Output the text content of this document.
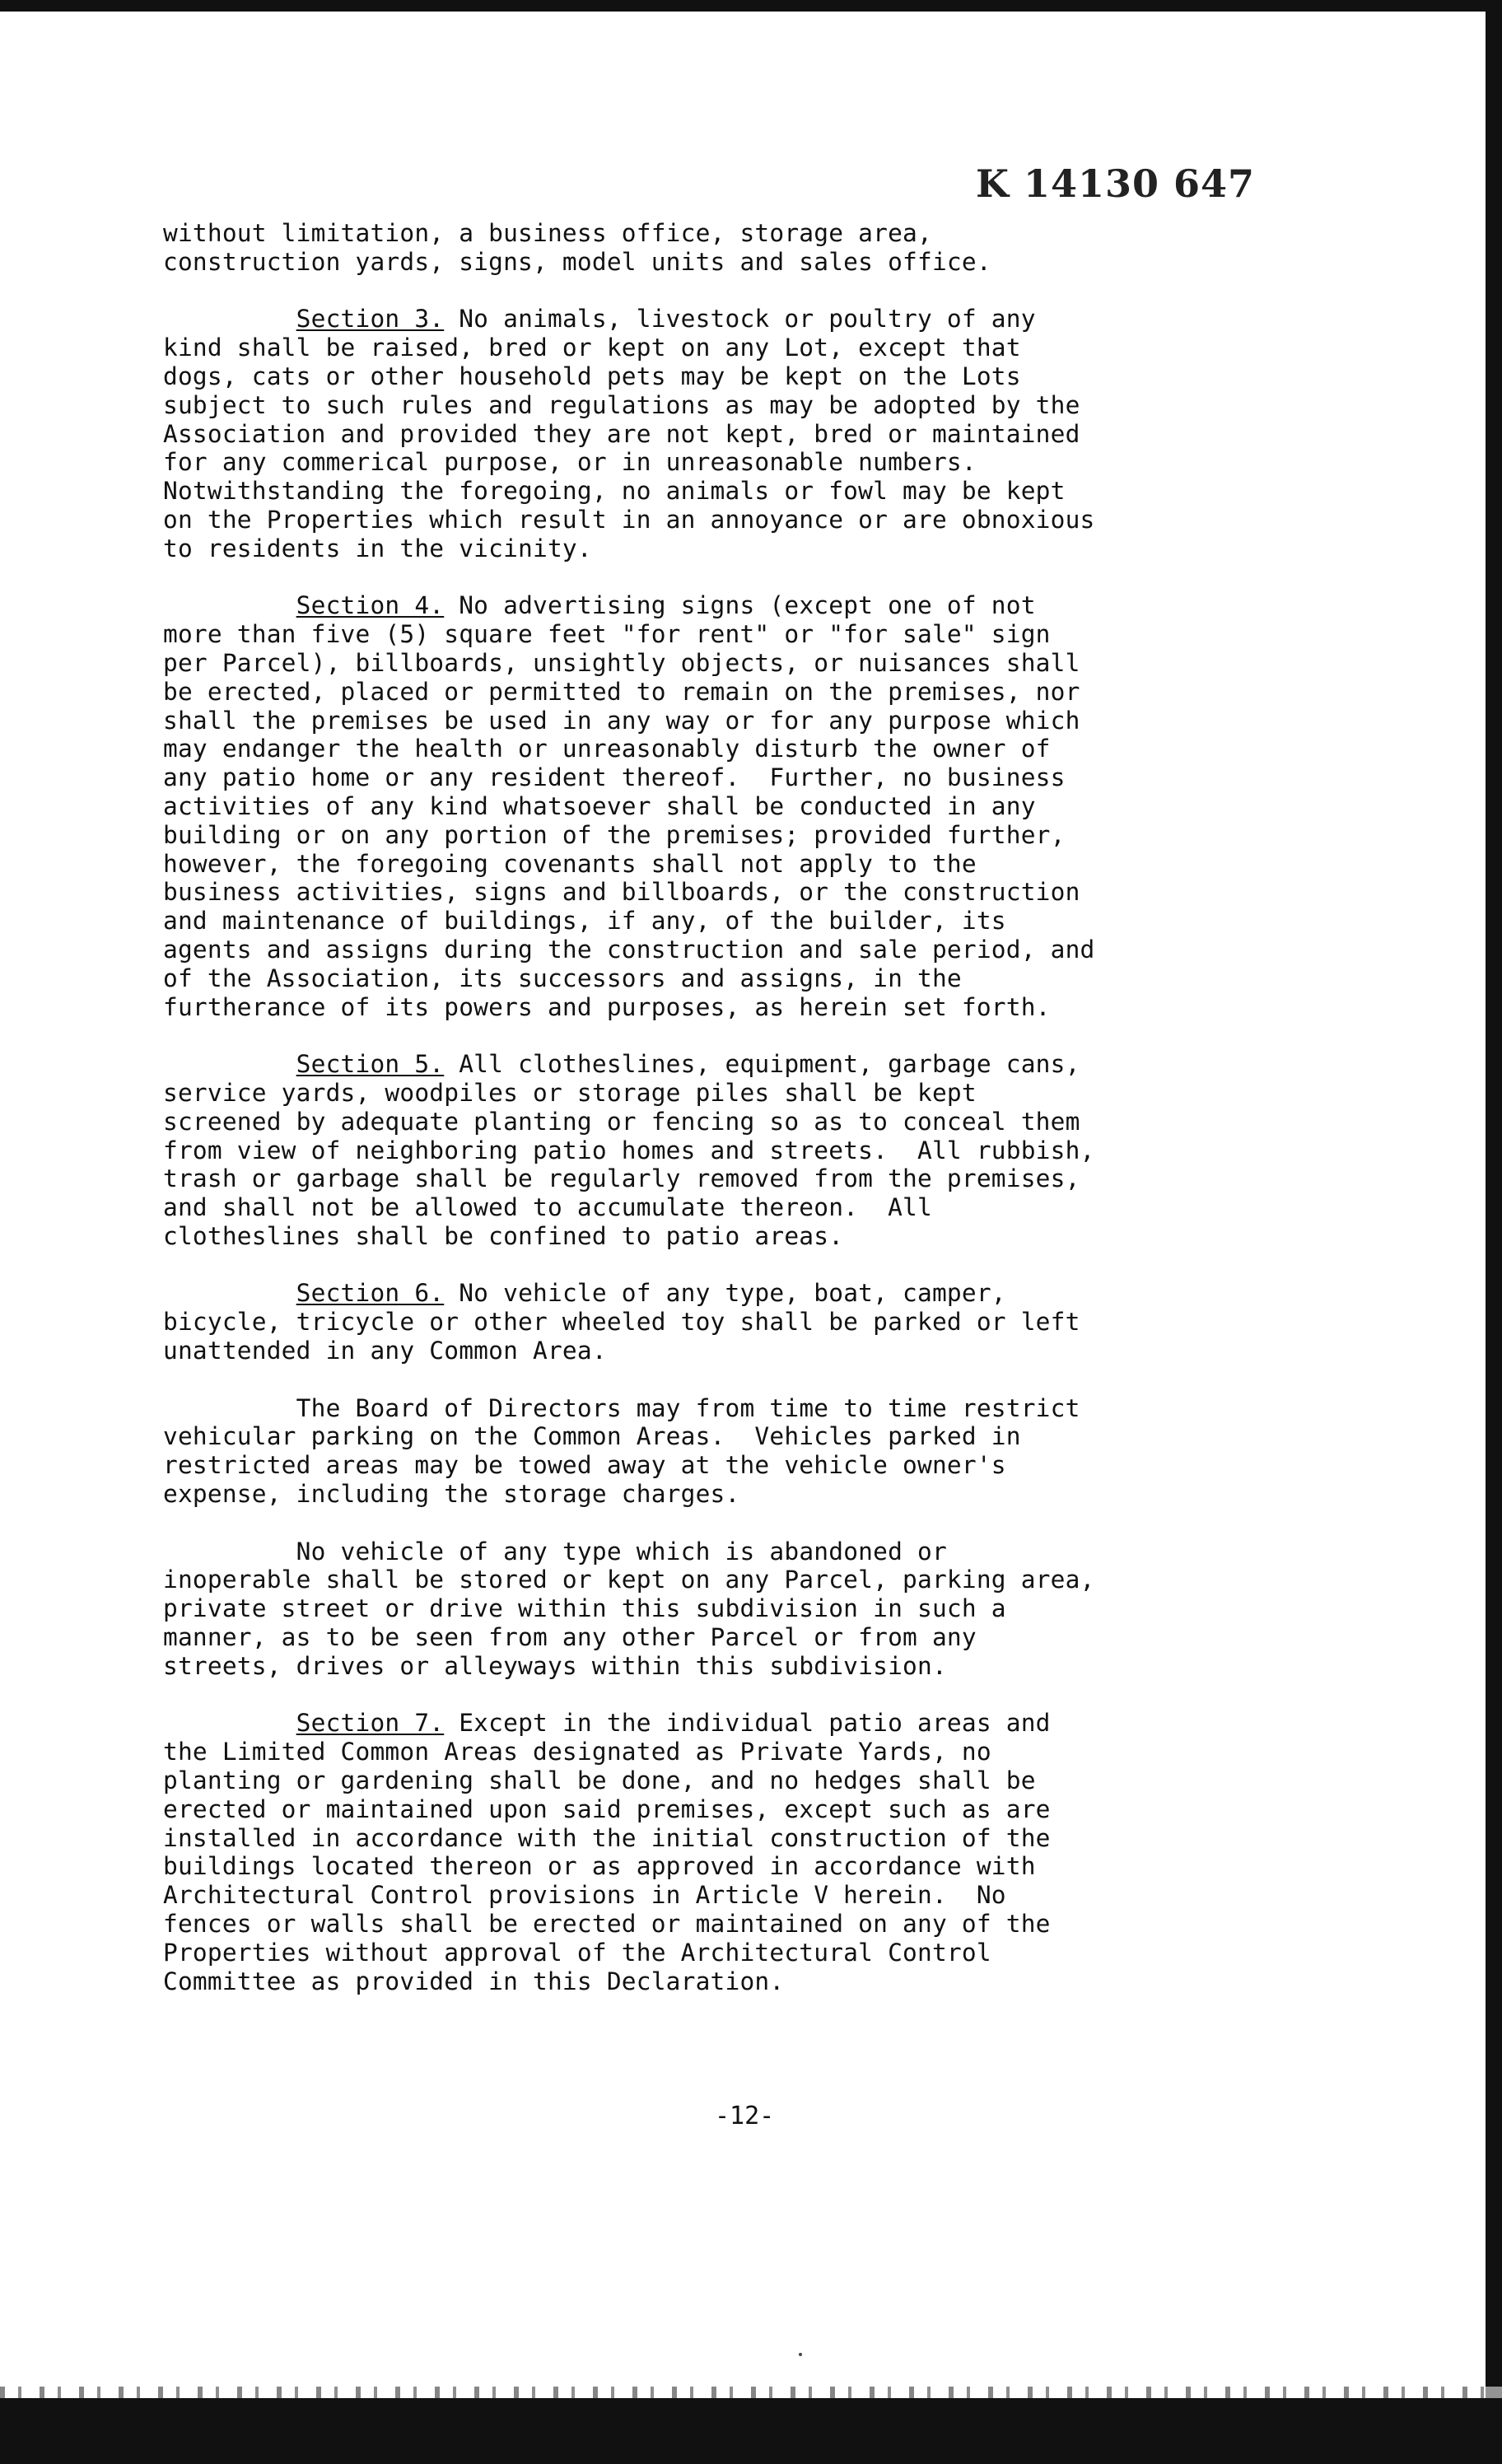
K 14130 647
without limitation, a business office, storage area,
construction yards, signs, model units and sales office.
Section 3. No animals, livestock or poultry of any
kind shall be raised, bred or kept on any Lot, except that
dogs, cats or other household pets may be kept on the Lots
subject to such rules and regulations as may be adopted by the
Association and provided they are not kept, bred or maintained
for any commerical purpose, or in unreasonable numbers.
Notwithstanding the foregoing, no animals or fowl may be kept
on the Properties which result in an annoyance or are obnoxious
to residents in the vicinity.
Section 4. No advertising signs (except one of not
more than five (5) square feet "for rent" or "for sale" sign
per Parcel), billboards, unsightly objects, or nuisances shall
be erected, placed or permitted to remain on the premises, nor
shall the premises be used in any way or for any purpose which
may endanger the health or unreasonably disturb the owner of
any patio home or any resident thereof.  Further, no business
activities of any kind whatsoever shall be conducted in any
building or on any portion of the premises; provided further,
however, the foregoing covenants shall not apply to the
business activities, signs and billboards, or the construction
and maintenance of buildings, if any, of the builder, its
agents and assigns during the construction and sale period, and
of the Association, its successors and assigns, in the
furtherance of its powers and purposes, as herein set forth.
Section 5. All clotheslines, equipment, garbage cans,
service yards, woodpiles or storage piles shall be kept
screened by adequate planting or fencing so as to conceal them
from view of neighboring patio homes and streets.  All rubbish,
trash or garbage shall be regularly removed from the premises,
and shall not be allowed to accumulate thereon.  All
clotheslines shall be confined to patio areas.
Section 6. No vehicle of any type, boat, camper,
bicycle, tricycle or other wheeled toy shall be parked or left
unattended in any Common Area.
The Board of Directors may from time to time restrict
vehicular parking on the Common Areas.  Vehicles parked in
restricted areas may be towed away at the vehicle owner's
expense, including the storage charges.
No vehicle of any type which is abandoned or
inoperable shall be stored or kept on any Parcel, parking area,
private street or drive within this subdivision in such a
manner, as to be seen from any other Parcel or from any
streets, drives or alleyways within this subdivision.
Section 7. Except in the individual patio areas and
the Limited Common Areas designated as Private Yards, no
planting or gardening shall be done, and no hedges shall be
erected or maintained upon said premises, except such as are
installed in accordance with the initial construction of the
buildings located thereon or as approved in accordance with
Architectural Control provisions in Article V herein.  No
fences or walls shall be erected or maintained on any of the
Properties without approval of the Architectural Control
Committee as provided in this Declaration.
-12-
